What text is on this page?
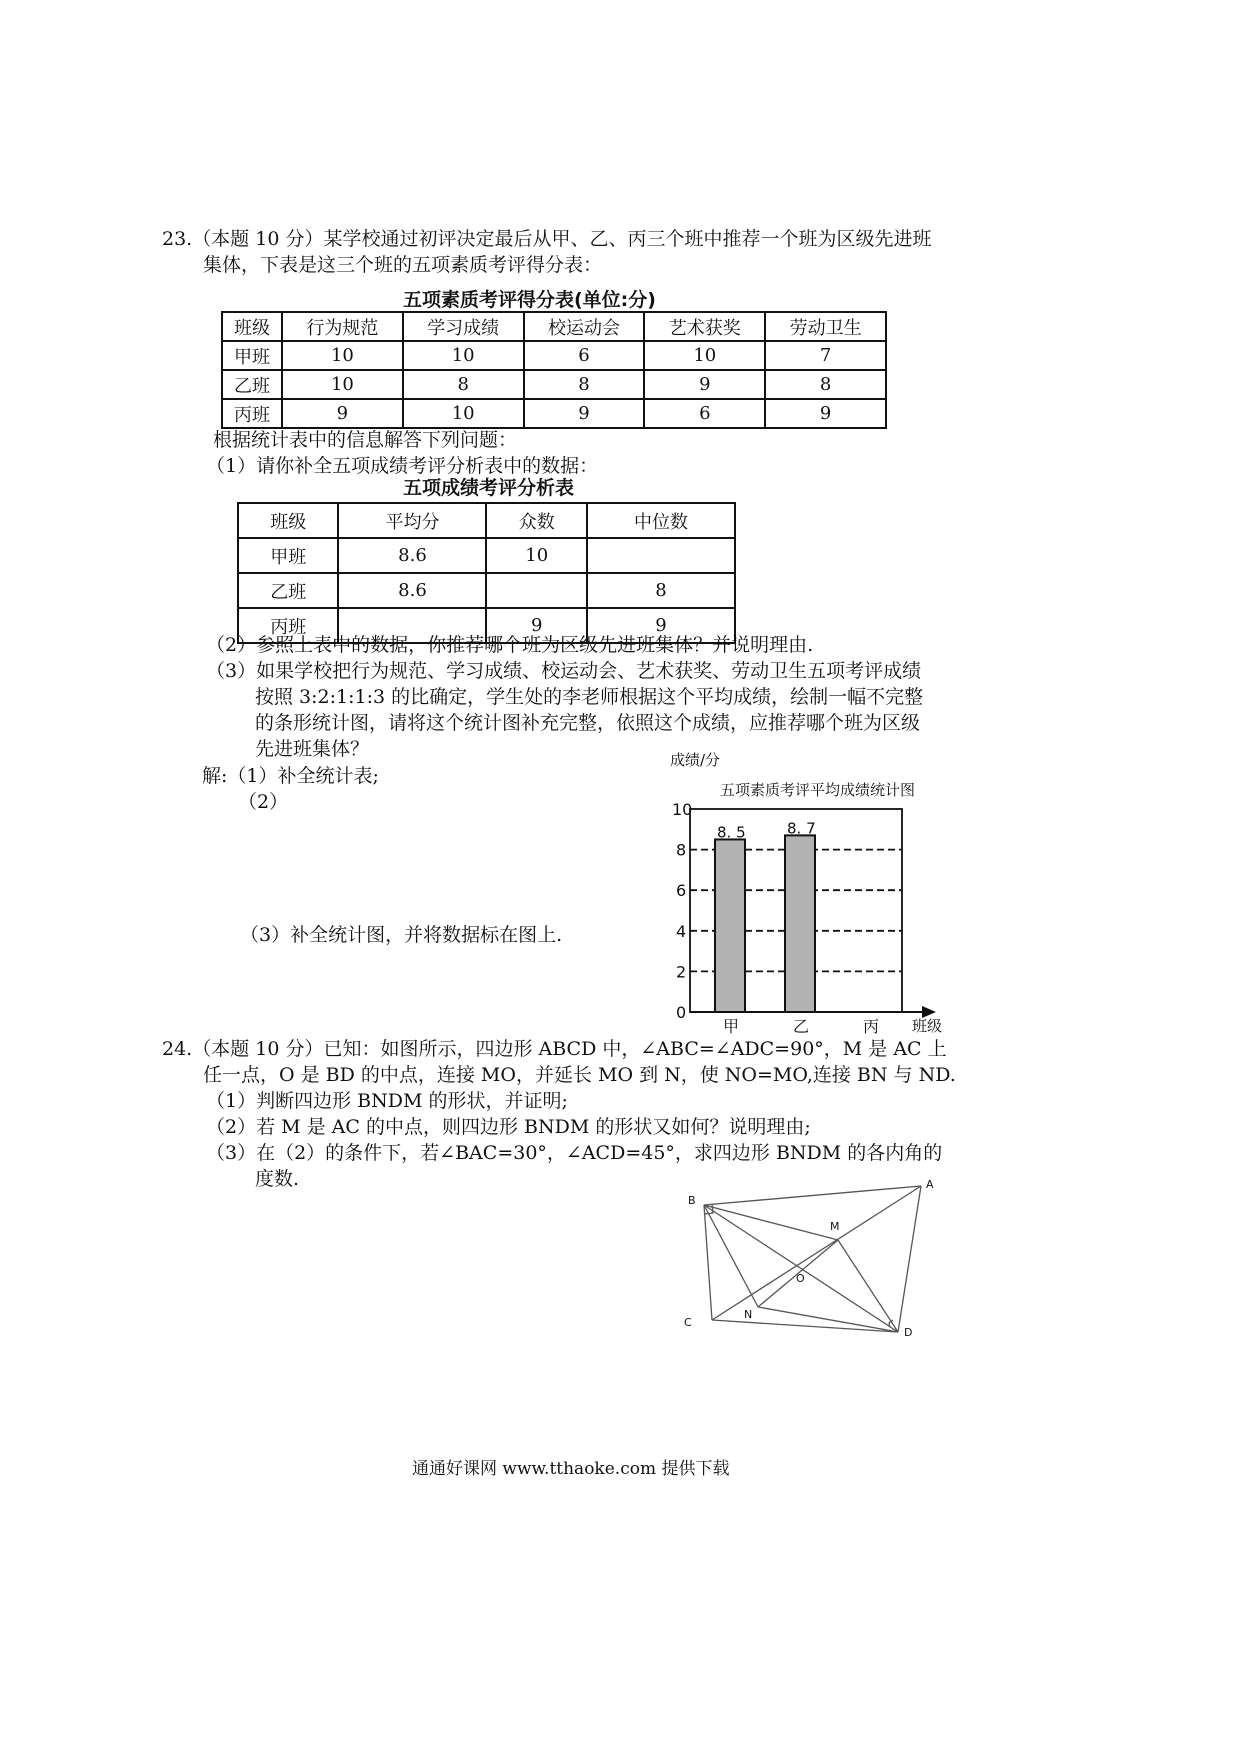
23.（本题 10 分）某学校通过初评决定最后从甲、乙、丙三个班中推荐一个班为区级先进班
集体，下表是这三个班的五项素质考评得分表：
五项素质考评得分表(单位:分)
班级	行为规范	学习成绩	校运动会	艺术获奖	劳动卫生
甲班	10	10	6	10	7
乙班	10	8	8	9	8
丙班	9	10	9	6	9
根据统计表中的信息解答下列问题：
（1）请你补全五项成绩考评分析表中的数据：
五项成绩考评分析表
班级	平均分	众数	中位数
甲班	8.6	10	
乙班	8.6		8
丙班		9	9
（2）参照上表中的数据，你推荐哪个班为区级先进班集体？并说明理由.
（3）如果学校把行为规范、学习成绩、校运动会、艺术获奖、劳动卫生五项考评成绩
按照 3:2:1:1:3 的比确定，学生处的李老师根据这个平均成绩，绘制一幅不完整
的条形统计图，请将这个统计图补充完整，依照这个成绩，应推荐哪个班为区级
先进班集体？
解:（1）补全统计表;
（2）
（3）补全统计图，并将数据标在图上.
成绩/分
五项素质考评平均成绩统计图
8. 5	8. 7
0
2
4
6
8
10
甲	乙	丙 班级
24.（本题 10 分）已知：如图所示，四边形 ABCD 中，∠ABC=∠ADC=90°，M 是 AC 上
任一点，O 是 BD 的中点，连接 MO，并延长 MO 到 N，使 NO=MO,连接 BN 与 ND.
（1）判断四边形 BNDM 的形状，并证明;
（2）若 M 是 AC 的中点，则四边形 BNDM 的形状又如何？说明理由;
（3）在（2）的条件下，若∠BAC=30°，∠ACD=45°，求四边形 BNDM 的各内角的
度数.	A
B
C
D
M
N
O
通通好课网 www.tthaoke.com 提供下载
